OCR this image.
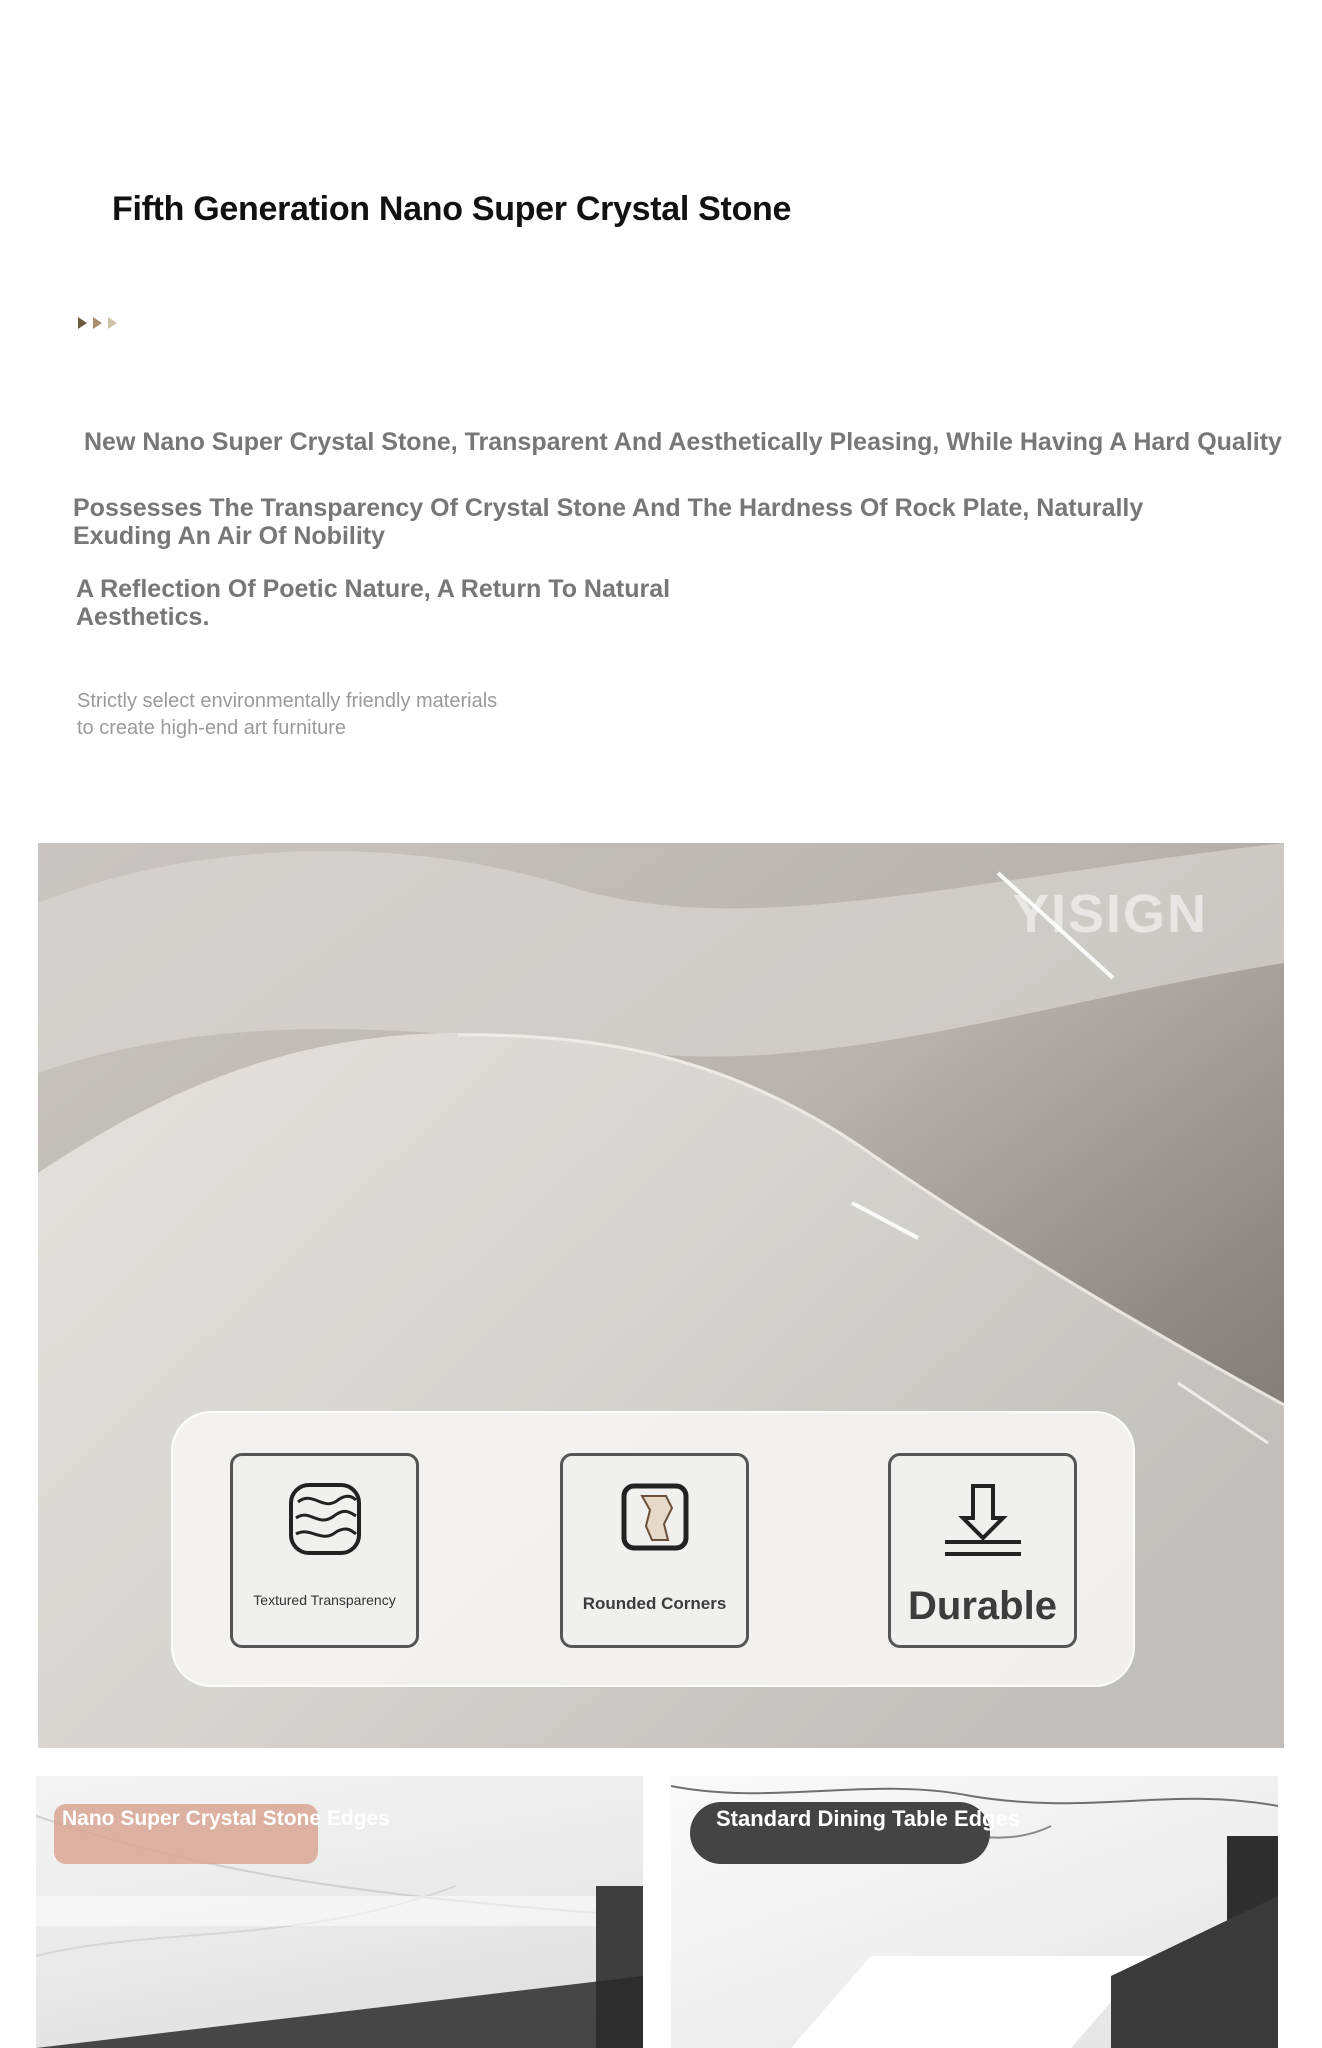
Fifth Generation Nano Super Crystal Stone
New Nano Super Crystal Stone, Transparent And Aesthetically Pleasing, While Having A Hard Quality
Possesses The Transparency Of Crystal Stone And The Hardness Of Rock Plate, Naturally Exuding An Air Of Nobility
A Reflection Of Poetic Nature, A Return To Natural Aesthetics.
Strictly select environmentally friendly materials
to create high-end art furniture
YISIGN
Textured Transparency	Rounded Corners	Durable
Nano Super Crystal Stone Edges	Standard Dining Table Edges
